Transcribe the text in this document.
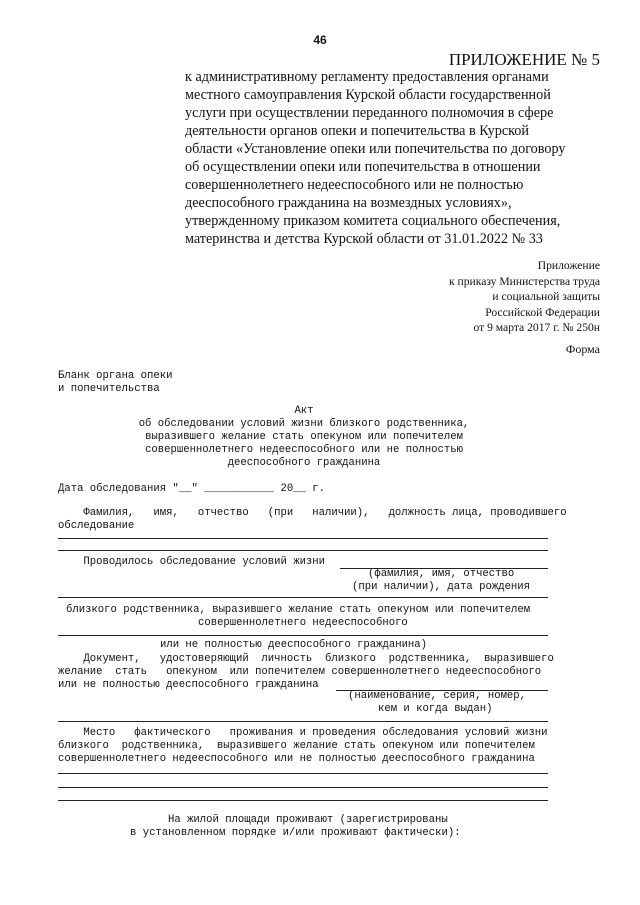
46
ПРИЛОЖЕНИЕ № 5
к административному регламенту предоставления органами
местного самоуправления Курской области государственной
услуги при осуществлении переданного полномочия в сфере
деятельности органов опеки и попечительства в Курской
области «Установление опеки или попечительства по договору
об осуществлении опеки или попечительства в отношении
совершеннолетнего недееспособного или не полностью
дееспособного гражданина на возмездных условиях»,
утвержденному приказом комитета социального обеспечения,
материнства и детства Курской области от 31.01.2022 № 33
Приложение
к приказу Министерства труда
и социальной защиты
Российской Федерации
от 9 марта 2017 г. № 250н
Форма
Бланк органа опеки
и попечительства
Акт
об обследовании условий жизни близкого родственника,
выразившего желание стать опекуном или попечителем
совершеннолетнего недееспособного или не полностью
дееспособного гражданина
Дата обследования "__" ___________ 20__ г.
Фамилия,   имя,   отчество   (при   наличии),   должность лица, проводившего
обследование
Проводилось обследование условий жизни
(фамилия, имя, отчество
(при наличии), дата рождения
близкого родственника, выразившего желание стать опекуном или попечителем
совершеннолетнего недееспособного
или не полностью дееспособного гражданина)
Документ,   удостоверяющий  личность  близкого  родственника,  выразившего
желание  стать   опекуном  или попечителем совершеннолетнего недееспособного
или не полностью дееспособного гражданина
(наименование, серия, номер,
кем и когда выдан)
Место   фактического   проживания и проведения обследования условий жизни
близкого  родственника,  выразившего желание стать опекуном или попечителем
совершеннолетнего недееспособного или не полностью дееспособного гражданина
На жилой площади проживают (зарегистрированы
в установленном порядке и/или проживают фактически):
